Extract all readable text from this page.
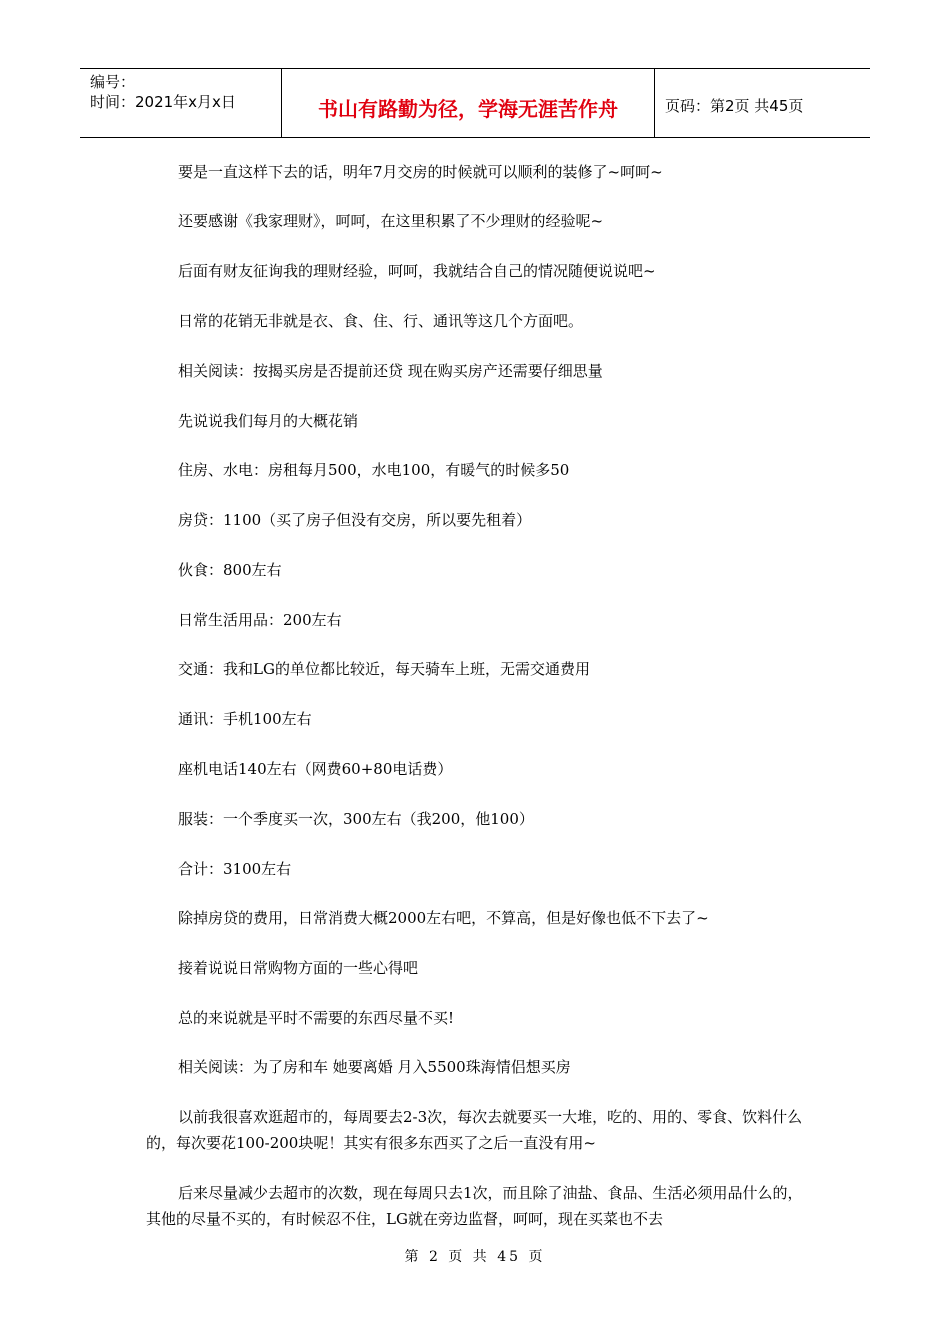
编号：
时间：2021年x月x日	书山有路勤为径，学海无涯苦作舟	页码：第2页 共45页
要是一直这样下去的话，明年7月交房的时候就可以顺利的装修了~呵呵~
还要感谢《我家理财》，呵呵，在这里积累了不少理财的经验呢~
后面有财友征询我的理财经验，呵呵，我就结合自己的情况随便说说吧~
日常的花销无非就是衣、食、住、行、通讯等这几个方面吧。
相关阅读：按揭买房是否提前还贷 现在购买房产还需要仔细思量
先说说我们每月的大概花销
住房、水电：房租每月500，水电100，有暖气的时候多50
房贷：1100（买了房子但没有交房，所以要先租着）
伙食：800左右
日常生活用品：200左右
交通：我和LG的单位都比较近，每天骑车上班，无需交通费用
通讯：手机100左右
座机电话140左右（网费60+80电话费）
服装：一个季度买一次，300左右（我200，他100）
合计：3100左右
除掉房贷的费用，日常消费大概2000左右吧，不算高，但是好像也低不下去了~
接着说说日常购物方面的一些心得吧
总的来说就是平时不需要的东西尽量不买!
相关阅读：为了房和车 她要离婚 月入5500珠海情侣想买房
以前我很喜欢逛超市的，每周要去2-3次，每次去就要买一大堆，吃的、用的、零食、饮料什么的，每次要花100-200块呢！其实有很多东西买了之后一直没有用~
后来尽量减少去超市的次数，现在每周只去1次，而且除了油盐、食品、生活必须用品什么的，其他的尽量不买的，有时候忍不住，LG就在旁边监督，呵呵，现在买菜也不去
第 2 页 共 45 页
